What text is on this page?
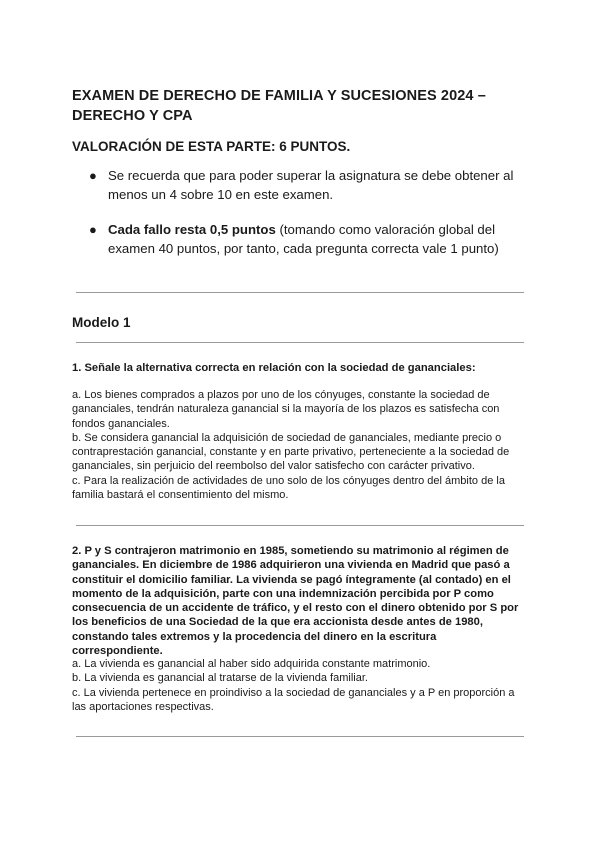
EXAMEN DE DERECHO DE FAMILIA Y SUCESIONES 2024 – DERECHO Y CPA
VALORACIÓN DE ESTA PARTE: 6 PUNTOS.
● Se recuerda que para poder superar la asignatura se debe obtener al menos un 4 sobre 10 en este examen.
● Cada fallo resta 0,5 puntos (tomando como valoración global del examen 40 puntos, por tanto, cada pregunta correcta vale 1 punto)
Modelo 1
1. Señale la alternativa correcta en relación con la sociedad de gananciales:

a. Los bienes comprados a plazos por uno de los cónyuges, constante la sociedad de gananciales, tendrán naturaleza ganancial si la mayoría de los plazos es satisfecha con fondos gananciales.

b. Se considera ganancial la adquisición de sociedad de gananciales, mediante precio o contraprestación ganancial, constante y en parte privativo, perteneciente a la sociedad de gananciales, sin perjuicio del reembolso del valor satisfecho con carácter privativo.

c. Para la realización de actividades de uno solo de los cónyuges dentro del ámbito de la familia bastará el consentimiento del mismo.

2. P y S contrajeron matrimonio en 1985, sometiendo su matrimonio al régimen de gananciales. En diciembre de 1986 adquirieron una vivienda en Madrid que pasó a constituir el domicilio familiar. La vivienda se pagó íntegramente (al contado) en el momento de la adquisición, parte con una indemnización percibida por P como consecuencia de un accidente de tráfico, y el resto con el dinero obtenido por S por los beneficios de una Sociedad de la que era accionista desde antes de 1980, constando tales extremos y la procedencia del dinero en la escritura correspondiente.

a. La vivienda es ganancial al haber sido adquirida constante matrimonio.

b. La vivienda es ganancial al tratarse de la vivienda familiar.

c. La vivienda pertenece en proindiviso a la sociedad de gananciales y a P en proporción a las aportaciones respectivas.
